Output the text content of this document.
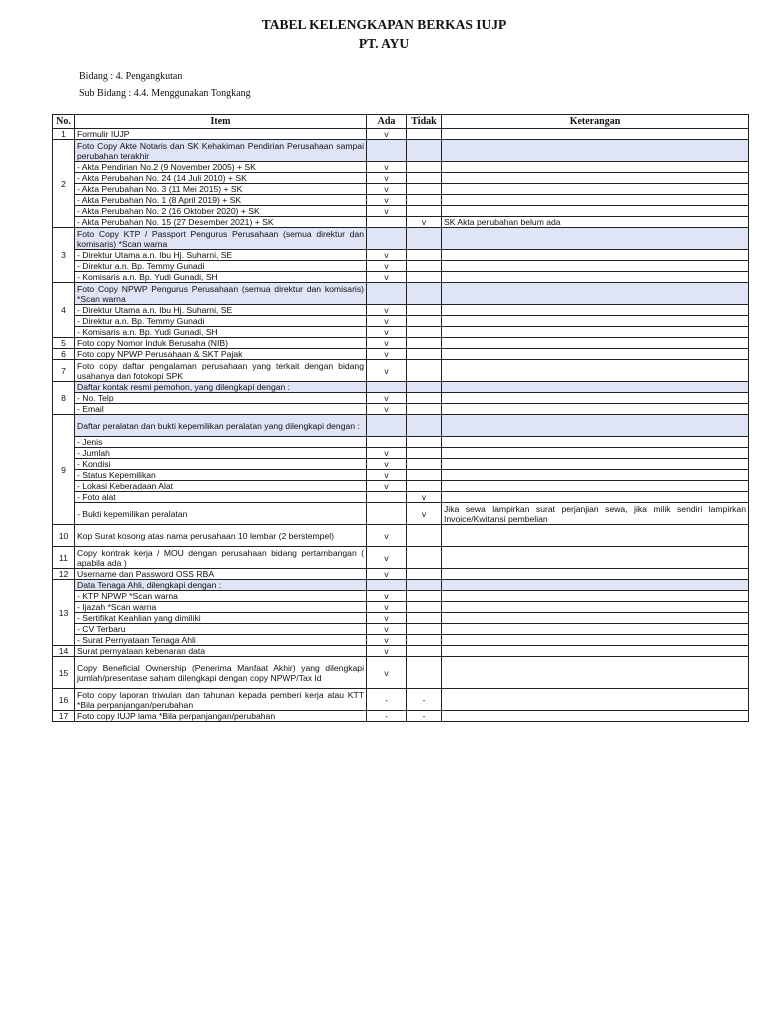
TABEL KELENGKAPAN BERKAS IUJP
PT. AYU
Bidang : 4. Pengangkutan
Sub Bidang : 4.4. Menggunakan Tongkang
No.	Item	Ada	Tidak	Keterangan
1	Formulir IUJP	v		
2	Foto Copy Akte Notaris dan SK Kehakiman Pendirian Perusahaan sampai perubahan terakhir			
	- Akta Pendirian No.2 (9 November 2005) + SK	v		
	- Akta Perubahan No. 24 (14 Juli 2010) + SK	v		
	- Akta Perubahan No. 3 (11 Mei 2015) + SK	v		
	- Akta Perubahan No. 1 (8 April 2019) + SK	v		
	- Akta Perubahan No. 2 (16 Oktober 2020) + SK	v		
	- Akta Perubahan No. 15 (27 Desember 2021) + SK		v	SK Akta perubahan belum ada
3	Foto Copy KTP / Passport Pengurus Perusahaan (semua direktur dan komisaris) *Scan warna			
	- Direktur Utama a.n. Ibu Hj. Suharni, SE	v		
	- Direktur a.n. Bp. Temmy Gunadi	v		
	- Komisaris a.n. Bp. Yudi Gunadi, SH	v		
4	Foto Copy NPWP Pengurus Perusahaan (semua direktur dan komisaris) *Scan warna			
	- Direktur Utama a.n. Ibu Hj. Suharni, SE	v		
	- Direktur a.n. Bp. Temmy Gunadi	v		
	- Komisaris a.n. Bp. Yudi Gunadi, SH	v		
5	Foto copy Nomor Induk Berusaha (NIB)	v		
6	Foto copy NPWP Perusahaan & SKT Pajak	v		
7	Foto copy daftar pengalaman perusahaan yang terkait dengan bidang usahanya dan fotokopi SPK	v		
8	Daftar kontak resmi pemohon, yang dilengkapi dengan :			
	- No. Telp	v		
	- Email	v		
9	Daftar peralatan dan bukti kepemilikan peralatan yang dilengkapi dengan :			
	- Jenis			
	- Jumlah	v		
	- Kondisi	v		
	- Status Kepemilikan	v		
	- Lokasi Keberadaan Alat	v		
	- Foto alat		v	
	- Bukti kepemilikan peralatan		v	Jika sewa lampirkan surat perjanjian sewa, jika milik sendiri lampirkan Invoice/Kwitansi pembelian
10	Kop Surat kosong atas nama perusahaan 10 lembar (2 berstempel)	v		
11	Copy kontrak kerja / MOU dengan perusahaan bidang pertambangan ( apabila ada )	v		
12	Username dan Password OSS RBA	v		
13	Data Tenaga Ahli, dilengkapi dengan :			
	- KTP NPWP *Scan warna	v		
	- Ijazah *Scan warna	v		
	- Sertifikat Keahlian yang dimiliki	v		
	- CV Terbaru	v		
	- Surat Pernyataan Tenaga Ahli	v		
14	Surat pernyataan kebenaran data	v		
15	Copy Beneficial Ownership (Penerima Manfaat Akhir) yang dilengkapi jumlah/presentase saham dilengkapi dengan copy NPWP/Tax Id	v		
16	Foto copy laporan triwulan dan tahunan kepada pemberi kerja atau KTT *Bila perpanjangan/perubahan	-	-	
17	Foto copy IUJP lama *Bila perpanjangan/perubahan	-	-	
